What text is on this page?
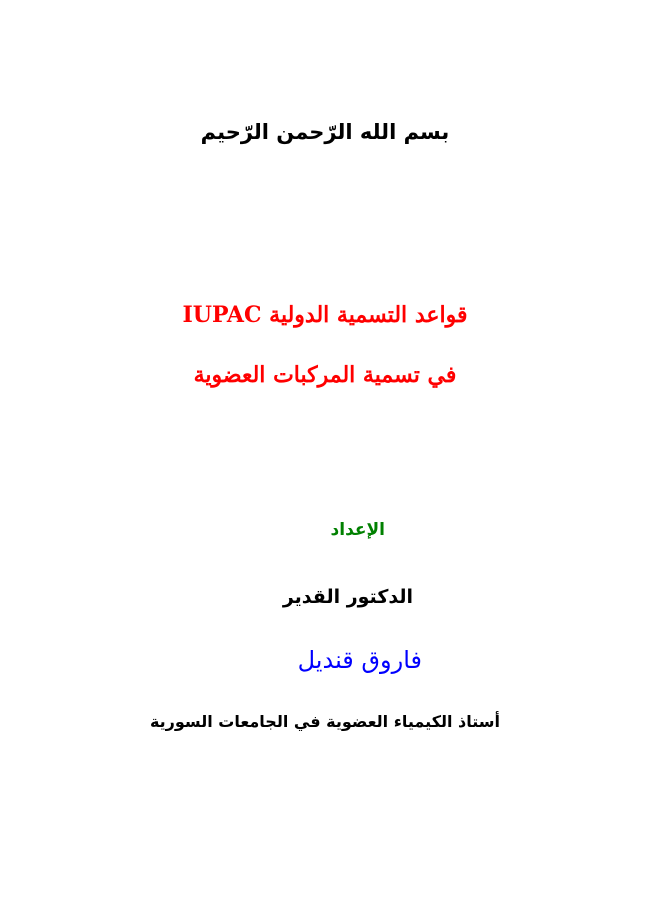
بسم الله الرّحمن الرّحيم
قواعد التسمية الدولية IUPAC
في تسمية المركبات العضوية
الإعداد
الدكتور القدير
فاروق قنديل
أستاذ الكيمياء العضوية في الجامعات السورية
